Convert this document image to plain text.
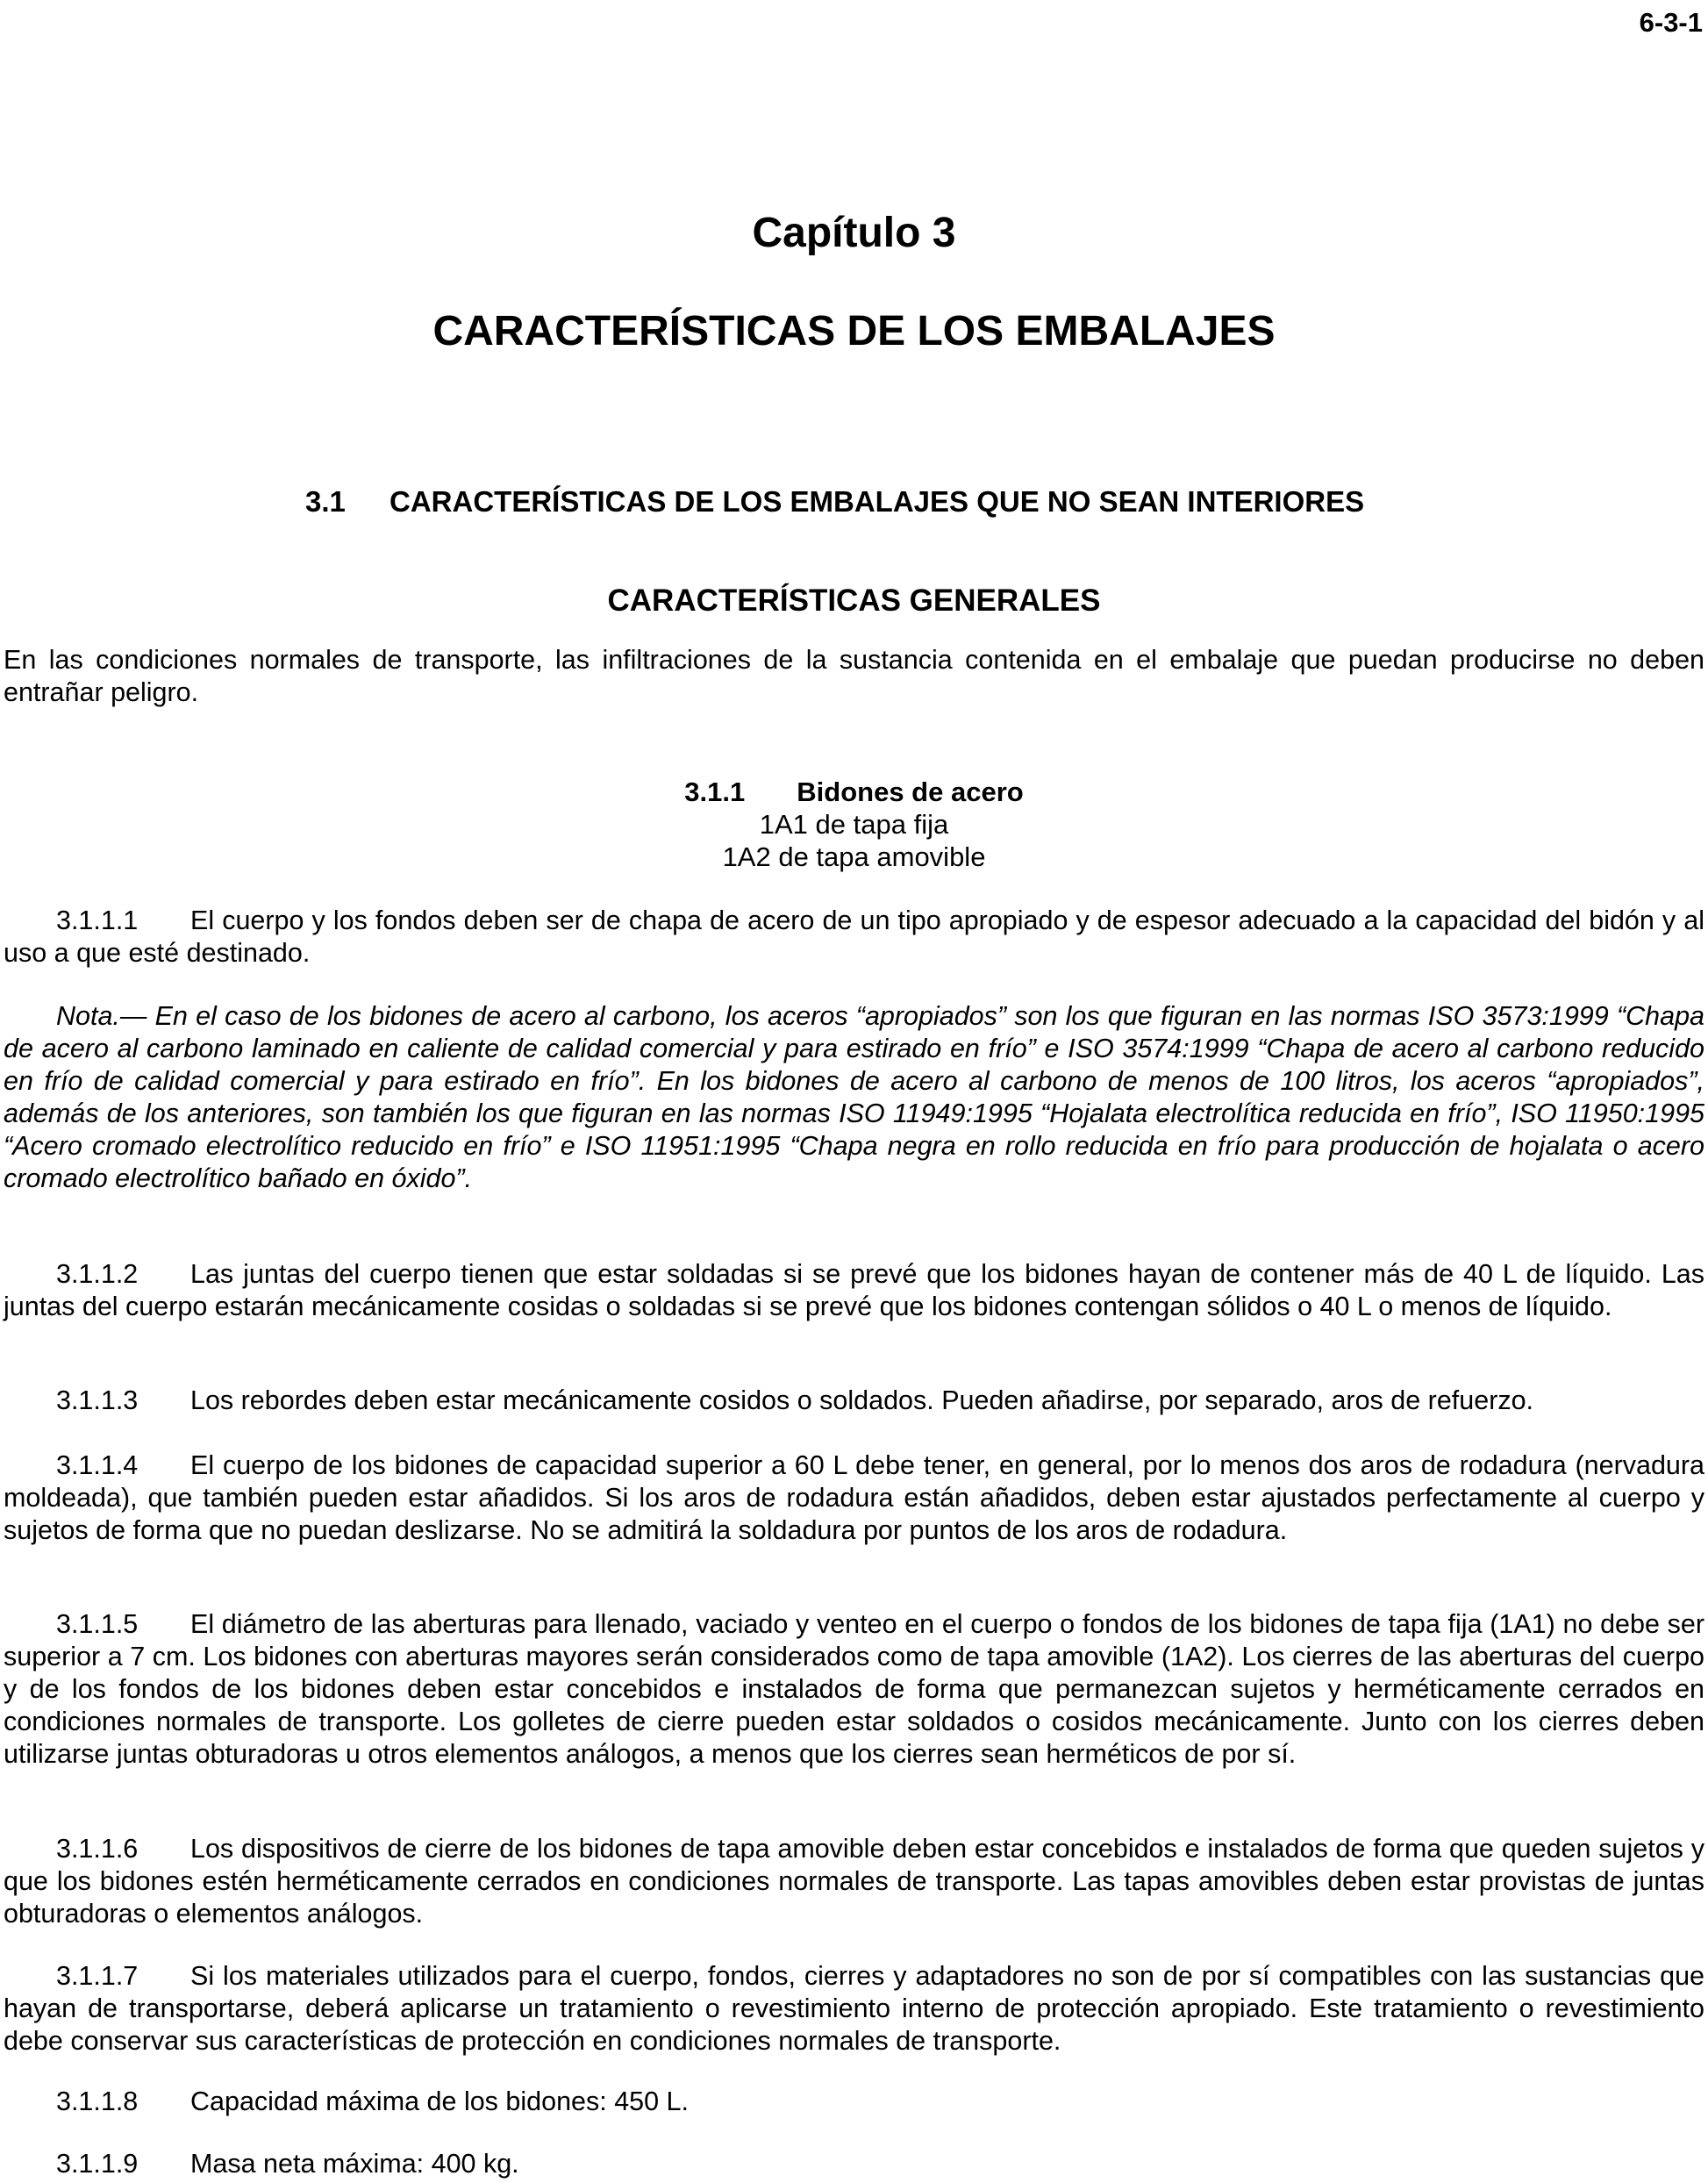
6-3-1
Capítulo 3
CARACTERÍSTICAS DE LOS EMBALAJES
3.1 CARACTERÍSTICAS DE LOS EMBALAJES QUE NO SEAN INTERIORES
CARACTERÍSTICAS GENERALES
En las condiciones normales de transporte, las infiltraciones de la sustancia contenida en el embalaje que puedan producirse no deben entrañar peligro.
3.1.1 Bidones de acero
1A1 de tapa fija
1A2 de tapa amovible
3.1.1.1 El cuerpo y los fondos deben ser de chapa de acero de un tipo apropiado y de espesor adecuado a la capacidad del bidón y al uso a que esté destinado.
Nota.— En el caso de los bidones de acero al carbono, los aceros “apropiados” son los que figuran en las normas ISO 3573:1999 “Chapa de acero al carbono laminado en caliente de calidad comercial y para estirado en frío” e ISO 3574:1999 “Chapa de acero al carbono reducido en frío de calidad comercial y para estirado en frío”. En los bidones de acero al carbono de menos de 100 litros, los aceros “apropiados”, además de los anteriores, son también los que figuran en las normas ISO 11949:1995 “Hojalata electrolítica reducida en frío”, ISO 11950:1995 “Acero cromado electrolítico reducido en frío” e ISO 11951:1995 “Chapa negra en rollo reducida en frío para producción de hojalata o acero cromado electrolítico bañado en óxido”.
3.1.1.2 Las juntas del cuerpo tienen que estar soldadas si se prevé que los bidones hayan de contener más de 40 L de líquido. Las juntas del cuerpo estarán mecánicamente cosidas o soldadas si se prevé que los bidones contengan sólidos o 40 L o menos de líquido.
3.1.1.3 Los rebordes deben estar mecánicamente cosidos o soldados. Pueden añadirse, por separado, aros de refuerzo.
3.1.1.4 El cuerpo de los bidones de capacidad superior a 60 L debe tener, en general, por lo menos dos aros de rodadura (nervadura moldeada), que también pueden estar añadidos. Si los aros de rodadura están añadidos, deben estar ajustados perfectamente al cuerpo y sujetos de forma que no puedan deslizarse. No se admitirá la soldadura por puntos de los aros de rodadura.
3.1.1.5 El diámetro de las aberturas para llenado, vaciado y venteo en el cuerpo o fondos de los bidones de tapa fija (1A1) no debe ser superior a 7 cm. Los bidones con aberturas mayores serán considerados como de tapa amovible (1A2). Los cierres de las aberturas del cuerpo y de los fondos de los bidones deben estar concebidos e instalados de forma que permanezcan sujetos y herméticamente cerrados en condiciones normales de transporte. Los golletes de cierre pueden estar soldados o cosidos mecánicamente. Junto con los cierres deben utilizarse juntas obturadoras u otros elementos análogos, a menos que los cierres sean herméticos de por sí.
3.1.1.6 Los dispositivos de cierre de los bidones de tapa amovible deben estar concebidos e instalados de forma que queden sujetos y que los bidones estén herméticamente cerrados en condiciones normales de transporte. Las tapas amovibles deben estar provistas de juntas obturadoras o elementos análogos.
3.1.1.7 Si los materiales utilizados para el cuerpo, fondos, cierres y adaptadores no son de por sí compatibles con las sustancias que hayan de transportarse, deberá aplicarse un tratamiento o revestimiento interno de protección apropiado. Este tratamiento o revestimiento debe conservar sus características de protección en condiciones normales de transporte.
3.1.1.8 Capacidad máxima de los bidones: 450 L.
3.1.1.9 Masa neta máxima: 400 kg.
